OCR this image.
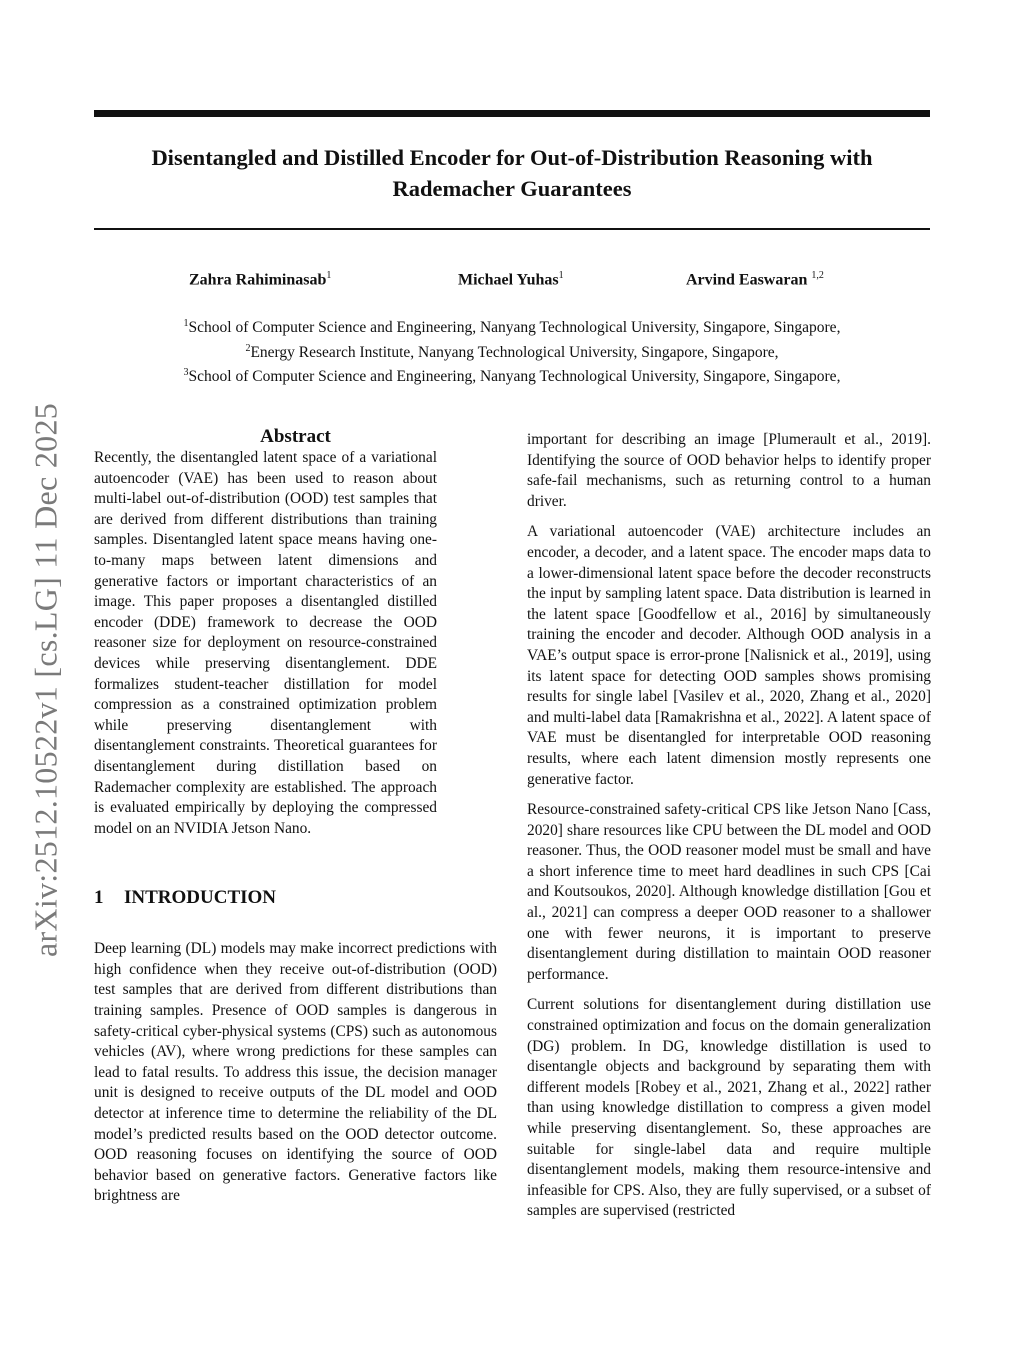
Disentangled and Distilled Encoder for Out-of-Distribution Reasoning with Rademacher Guarantees
Zahra Rahiminasab$^1$	Michael Yuhas$^1$	Arvind Easwaran $^{1,2}$
$^1$School of Computer Science and Engineering, Nanyang Technological University, Singapore, Singapore,
$^2$Energy Research Institute, Nanyang Technological University, Singapore, Singapore,
$^3$School of Computer Science and Engineering, Nanyang Technological University, Singapore, Singapore,
arXiv:2512.10522v1 [cs.LG] 11 Dec 2025	Abstract

Recently, the disentangled latent space of a variational autoencoder (VAE) has been used to reason about multi-label out-of-distribution (OOD) test samples that are derived from different distributions than training samples. Disentangled latent space means having one-to-many maps between latent dimensions and generative factors or important characteristics of an image. This paper proposes a disentangled distilled encoder (DDE) framework to decrease the OOD reasoner size for deployment on resource-constrained devices while preserving disentanglement. DDE formalizes student-teacher distillation for model compression as a constrained optimization problem while preserving disentanglement with disentanglement constraints. Theoretical guarantees for disentanglement during distillation based on Rademacher complexity are established. The approach is evaluated empirically by deploying the compressed model on an NVIDIA Jetson Nano.

1 INTRODUCTION

Deep learning (DL) models may make incorrect predictions with high confidence when they receive out-of-distribution (OOD) test samples that are derived from different distributions than training samples. Presence of OOD samples is dangerous in safety-critical cyber-physical systems (CPS) such as autonomous vehicles (AV), where wrong predictions for these samples can lead to fatal results. To address this issue, the decision manager unit is designed to receive outputs of the DL model and OOD detector at inference time to determine the reliability of the DL model’s predicted results based on the OOD detector outcome. OOD reasoning focuses on identifying the source of OOD behavior based on generative factors. Generative factors like brightness are

important for describing an image [Plumerault et al., 2019]. Identifying the source of OOD behavior helps to identify proper safe-fail mechanisms, such as returning control to a human driver.

A variational autoencoder (VAE) architecture includes an encoder, a decoder, and a latent space. The encoder maps data to a lower-dimensional latent space before the decoder reconstructs the input by sampling latent space. Data distribution is learned in the latent space [Goodfellow et al., 2016] by simultaneously training the encoder and decoder. Although OOD analysis in a VAE’s output space is error-prone [Nalisnick et al., 2019], using its latent space for detecting OOD samples shows promising results for single label [Vasilev et al., 2020, Zhang et al., 2020] and multi-label data [Ramakrishna et al., 2022]. A latent space of VAE must be disentangled for interpretable OOD reasoning results, where each latent dimension mostly represents one generative factor.

Resource-constrained safety-critical CPS like Jetson Nano [Cass, 2020] share resources like CPU between the DL model and OOD reasoner. Thus, the OOD reasoner model must be small and have a short inference time to meet hard deadlines in such CPS [Cai and Koutsoukos, 2020]. Although knowledge distillation [Gou et al., 2021] can compress a deeper OOD reasoner to a shallower one with fewer neurons, it is important to preserve disentanglement during distillation to maintain OOD reasoner performance.

Current solutions for disentanglement during distillation use constrained optimization and focus on the domain generalization (DG) problem. In DG, knowledge distillation is used to disentangle objects and background by separating them with different models [Robey et al., 2021, Zhang et al., 2022] rather than using knowledge distillation to compress a given model while preserving disentanglement. So, these approaches are suitable for single-label data and require multiple disentanglement models, making them resource-intensive and infeasible for CPS. Also, they are fully supervised, or a subset of samples are supervised (restricted
